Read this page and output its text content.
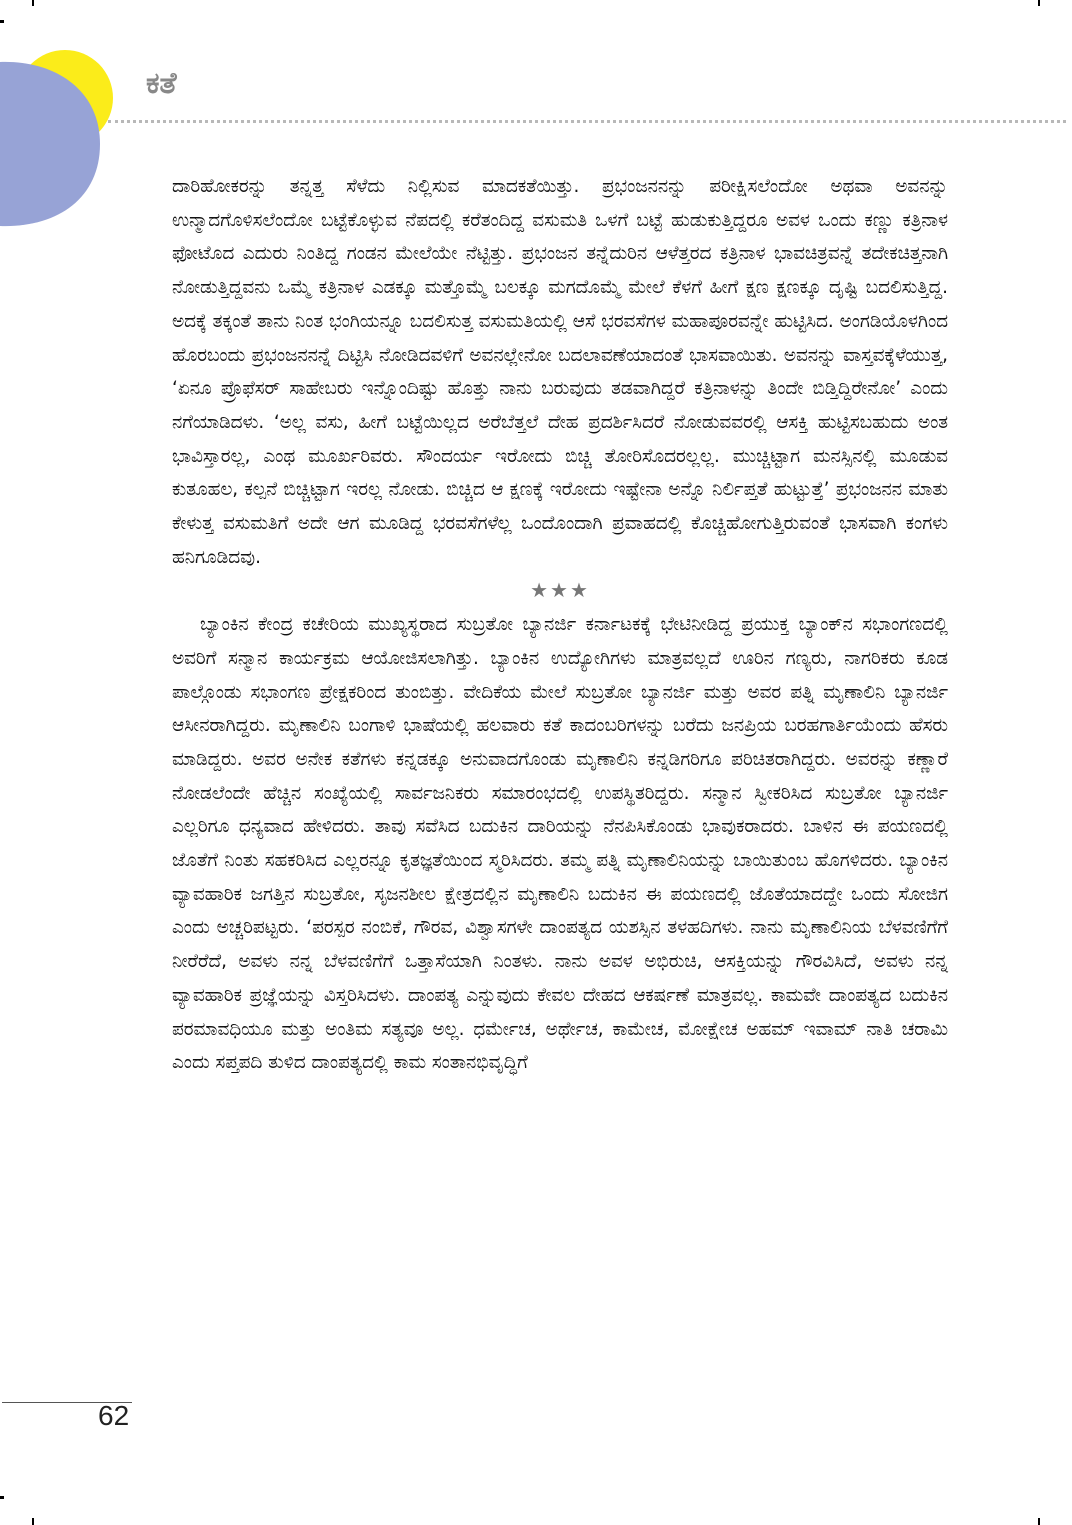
ಕತೆ

ದಾರಿಹೋಕರನ್ನು ತನ್ನತ್ತ ಸೆಳೆದು ನಿಲ್ಲಿಸುವ ಮಾದಕತೆಯಿತ್ತು. ಪ್ರಭಂಜನನನ್ನು ಪರೀಕ್ಷಿಸಲೆಂದೋ ಅಥವಾ ಅವನನ್ನು ಉನ್ಮಾದಗೊಳಿಸಲೆಂದೋ ಬಟ್ಟೆಕೊಳ್ಳುವ ನೆಪದಲ್ಲಿ ಕರೆತಂದಿದ್ದ ವಸುಮತಿ ಒಳಗೆ ಬಟ್ಟೆ ಹುಡುಕುತ್ತಿದ್ದರೂ ಅವಳ ಒಂದು ಕಣ್ಣು ಕತ್ರಿನಾಳ ಫೋಟೊದ ಎದುರು ನಿಂತಿದ್ದ ಗಂಡನ ಮೇಲೆಯೇ ನೆಟ್ಟಿತ್ತು. ಪ್ರಭಂಜನ ತನ್ನೆದುರಿನ ಆಳೆತ್ತರದ ಕತ್ರಿನಾಳ ಭಾವಚಿತ್ರವನ್ನೆ ತದೇಕಚಿತ್ತನಾಗಿ ನೋಡುತ್ತಿದ್ದವನು ಒಮ್ಮೆ ಕತ್ರಿನಾಳ ಎಡಕ್ಕೂ ಮತ್ತೊಮ್ಮೆ ಬಲಕ್ಕೂ ಮಗದೊಮ್ಮೆ ಮೇಲೆ ಕೆಳಗೆ ಹೀಗೆ ಕ್ಷಣ ಕ್ಷಣಕ್ಕೂ ದೃಷ್ಟಿ ಬದಲಿಸುತ್ತಿದ್ದ. ಅದಕ್ಕೆ ತಕ್ಕಂತೆ ತಾನು ನಿಂತ ಭಂಗಿಯನ್ನೂ ಬದಲಿಸುತ್ತ ವಸುಮತಿಯಲ್ಲಿ ಆಸೆ ಭರವಸೆಗಳ ಮಹಾಪೂರವನ್ನೇ ಹುಟ್ಟಿಸಿದ. ಅಂಗಡಿಯೊಳಗಿಂದ ಹೊರಬಂದು ಪ್ರಭಂಜನನನ್ನೆ ದಿಟ್ಟಿಸಿ ನೋಡಿದವಳಿಗೆ ಅವನಲ್ಲೇನೋ ಬದಲಾವಣೆಯಾದಂತೆ ಭಾಸವಾಯಿತು. ಅವನನ್ನು ವಾಸ್ತವಕ್ಕೆಳೆಯುತ್ತ, ‘ಏನೂ ಪ್ರೊಫೆಸರ್ ಸಾಹೇಬರು ಇನ್ನೊಂದಿಷ್ಟು ಹೊತ್ತು ನಾನು ಬರುವುದು ತಡವಾಗಿದ್ದರೆ ಕತ್ರಿನಾಳನ್ನು ತಿಂದೇ ಬಿಡ್ತಿದ್ದಿರೇನೋ’ ಎಂದು ನಗೆಯಾಡಿದಳು. ‘ಅಲ್ಲ ವಸು, ಹೀಗೆ ಬಟ್ಟೆಯಿಲ್ಲದ ಅರೆಬೆತ್ತಲೆ ದೇಹ ಪ್ರದರ್ಶಿಸಿದರೆ ನೋಡುವವರಲ್ಲಿ ಆಸಕ್ತಿ ಹುಟ್ಟಿಸಬಹುದು ಅಂತ ಭಾವಿಸ್ತಾರಲ್ಲ, ಎಂಥ ಮೂರ್ಖರಿವರು. ಸೌಂದರ್ಯ ಇರೋದು ಬಿಚ್ಚಿ ತೋರಿಸೊದರಲ್ಲಲ್ಲ. ಮುಚ್ಚಿಟ್ಟಾಗ ಮನಸ್ಸಿನಲ್ಲಿ ಮೂಡುವ ಕುತೂಹಲ, ಕಲ್ಪನೆ ಬಿಚ್ಚಿಟ್ಟಾಗ ಇರಲ್ಲ ನೋಡು. ಬಿಚ್ಚಿದ ಆ ಕ್ಷಣಕ್ಕೆ ಇರೋದು ಇಷ್ಟೇನಾ ಅನ್ನೊ ನಿರ್ಲಿಪ್ತತೆ ಹುಟ್ಟುತ್ತೆ’ ಪ್ರಭಂಜನನ ಮಾತು ಕೇಳುತ್ತ ವಸುಮತಿಗೆ ಅದೇ ಆಗ ಮೂಡಿದ್ದ ಭರವಸೆಗಳೆಲ್ಲ ಒಂದೊಂದಾಗಿ ಪ್ರವಾಹದಲ್ಲಿ ಕೊಚ್ಚಿಹೋಗುತ್ತಿರುವಂತೆ ಭಾಸವಾಗಿ ಕಂಗಳು ಹನಿಗೂಡಿದವು.

★★★

ಬ್ಯಾಂಕಿನ ಕೇಂದ್ರ ಕಚೇರಿಯ ಮುಖ್ಯಸ್ಥರಾದ ಸುಬ್ರತೋ ಬ್ಯಾನರ್ಜಿ ಕರ್ನಾಟಕಕ್ಕೆ ಭೇಟಿನೀಡಿದ್ದ ಪ್ರಯುಕ್ತ ಬ್ಯಾಂಕ್‌ನ ಸಭಾಂಗಣದಲ್ಲಿ ಅವರಿಗೆ ಸನ್ಮಾನ ಕಾರ್ಯಕ್ರಮ ಆಯೋಜಿಸಲಾಗಿತ್ತು. ಬ್ಯಾಂಕಿನ ಉದ್ಯೋಗಿಗಳು ಮಾತ್ರವಲ್ಲದೆ ಊರಿನ ಗಣ್ಯರು, ನಾಗರಿಕರು ಕೂಡ ಪಾಲ್ಗೊಂಡು ಸಭಾಂಗಣ ಪ್ರೇಕ್ಷಕರಿಂದ ತುಂಬಿತ್ತು. ವೇದಿಕೆಯ ಮೇಲೆ ಸುಬ್ರತೋ ಬ್ಯಾನರ್ಜಿ ಮತ್ತು ಅವರ ಪತ್ನಿ ಮೃಣಾಲಿನಿ ಬ್ಯಾನರ್ಜಿ ಆಸೀನರಾಗಿದ್ದರು. ಮೃಣಾಲಿನಿ ಬಂಗಾಳಿ ಭಾಷೆಯಲ್ಲಿ ಹಲವಾರು ಕತೆ ಕಾದಂಬರಿಗಳನ್ನು ಬರೆದು ಜನಪ್ರಿಯ ಬರಹಗಾರ್ತಿಯೆಂದು ಹೆಸರು ಮಾಡಿದ್ದರು. ಅವರ ಅನೇಕ ಕತೆಗಳು ಕನ್ನಡಕ್ಕೂ ಅನುವಾದಗೊಂಡು ಮೃಣಾಲಿನಿ ಕನ್ನಡಿಗರಿಗೂ ಪರಿಚಿತರಾಗಿದ್ದರು. ಅವರನ್ನು ಕಣ್ಣಾರೆ ನೋಡಲೆಂದೇ ಹೆಚ್ಚಿನ ಸಂಖ್ಯೆಯಲ್ಲಿ ಸಾರ್ವಜನಿಕರು ಸಮಾರಂಭದಲ್ಲಿ ಉಪಸ್ಥಿತರಿದ್ದರು. ಸನ್ಮಾನ ಸ್ವೀಕರಿಸಿದ ಸುಬ್ರತೋ ಬ್ಯಾನರ್ಜಿ ಎಲ್ಲರಿಗೂ ಧನ್ಯವಾದ ಹೇಳಿದರು. ತಾವು ಸವೆಸಿದ ಬದುಕಿನ ದಾರಿಯನ್ನು ನೆನಪಿಸಿಕೊಂಡು ಭಾವುಕರಾದರು. ಬಾಳಿನ ಈ ಪಯಣದಲ್ಲಿ ಜೊತೆಗೆ ನಿಂತು ಸಹಕರಿಸಿದ ಎಲ್ಲರನ್ನೂ ಕೃತಜ್ಞತೆಯಿಂದ ಸ್ಮರಿಸಿದರು. ತಮ್ಮ ಪತ್ನಿ ಮೃಣಾಲಿನಿಯನ್ನು ಬಾಯಿತುಂಬ ಹೊಗಳಿದರು. ಬ್ಯಾಂಕಿನ ವ್ಯಾವಹಾರಿಕ ಜಗತ್ತಿನ ಸುಬ್ರತೋ, ಸೃಜನಶೀಲ ಕ್ಷೇತ್ರದಲ್ಲಿನ ಮೃಣಾಲಿನಿ ಬದುಕಿನ ಈ ಪಯಣದಲ್ಲಿ ಜೊತೆಯಾದದ್ದೇ ಒಂದು ಸೋಜಿಗ ಎಂದು ಅಚ್ಚರಿಪಟ್ಟರು. ‘ಪರಸ್ಪರ ನಂಬಿಕೆ, ಗೌರವ, ವಿಶ್ವಾಸಗಳೇ ದಾಂಪತ್ಯದ ಯಶಸ್ಸಿನ ತಳಹದಿಗಳು. ನಾನು ಮೃಣಾಲಿನಿಯ ಬೆಳವಣಿಗೆಗೆ ನೀರೆರೆದೆ, ಅವಳು ನನ್ನ ಬೆಳವಣಿಗೆಗೆ ಒತ್ತಾಸೆಯಾಗಿ ನಿಂತಳು. ನಾನು ಅವಳ ಅಭಿರುಚಿ, ಆಸಕ್ತಿಯನ್ನು ಗೌರವಿಸಿದೆ, ಅವಳು ನನ್ನ ವ್ಯಾವಹಾರಿಕ ಪ್ರಜ್ಞೆಯನ್ನು ವಿಸ್ತರಿಸಿದಳು. ದಾಂಪತ್ಯ ಎನ್ನುವುದು ಕೇವಲ ದೇಹದ ಆಕರ್ಷಣೆ ಮಾತ್ರವಲ್ಲ. ಕಾಮವೇ ದಾಂಪತ್ಯದ ಬದುಕಿನ ಪರಮಾವಧಿಯೂ ಮತ್ತು ಅಂತಿಮ ಸತ್ಯವೂ ಅಲ್ಲ. ಧರ್ಮೇಚ, ಅರ್ಥೇಚ, ಕಾಮೇಚ, ಮೋಕ್ಷೇಚ ಅಹಮ್ ಇವಾಮ್ ನಾತಿ ಚರಾಮಿ ಎಂದು ಸಪ್ತಪದಿ ತುಳಿದ ದಾಂಪತ್ಯದಲ್ಲಿ ಕಾಮ ಸಂತಾನಭಿವೃದ್ಧಿಗೆ

62
